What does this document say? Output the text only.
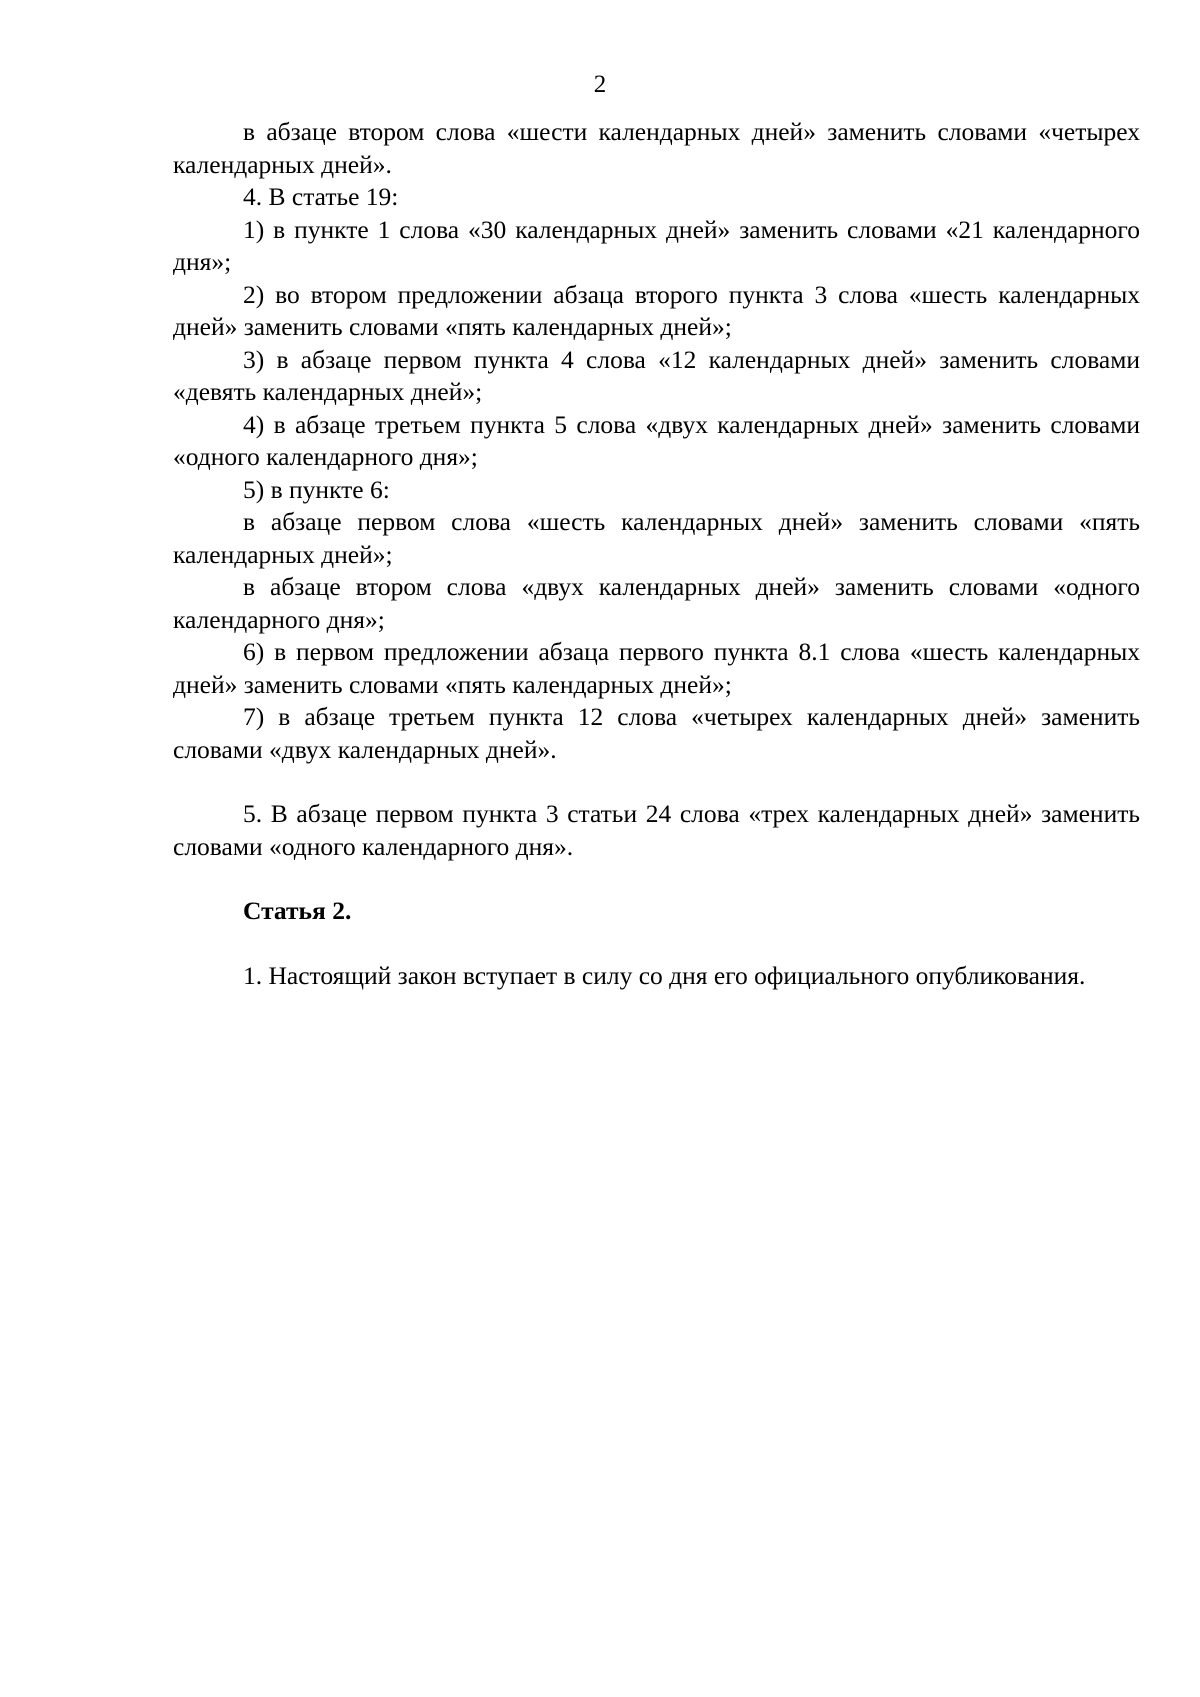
2

в абзаце втором слова «шести календарных дней» заменить словами «четырех календарных дней».

4. В статье 19:

1) в пункте 1 слова «30 календарных дней» заменить словами «21 календарного дня»;

2) во втором предложении абзаца второго пункта 3 слова «шесть календарных дней» заменить словами «пять календарных дней»;

3) в абзаце первом пункта 4 слова «12 календарных дней» заменить словами «девять календарных дней»;

4) в абзаце третьем пункта 5 слова «двух календарных дней» заменить словами «одного календарного дня»;

5) в пункте 6:

в абзаце первом слова «шесть календарных дней» заменить словами «пять календарных дней»;

в абзаце втором слова «двух календарных дней» заменить словами «одного календарного дня»;

6) в первом предложении абзаца первого пункта 8.1 слова «шесть календарных дней» заменить словами «пять календарных дней»;

7) в абзаце третьем пункта 12 слова «четырех календарных дней» заменить словами «двух календарных дней».

5. В абзаце первом пункта 3 статьи 24 слова «трех календарных дней» заменить словами «одного календарного дня».

Статья 2.

1. Настоящий закон вступает в силу со дня его официального опубликования.
